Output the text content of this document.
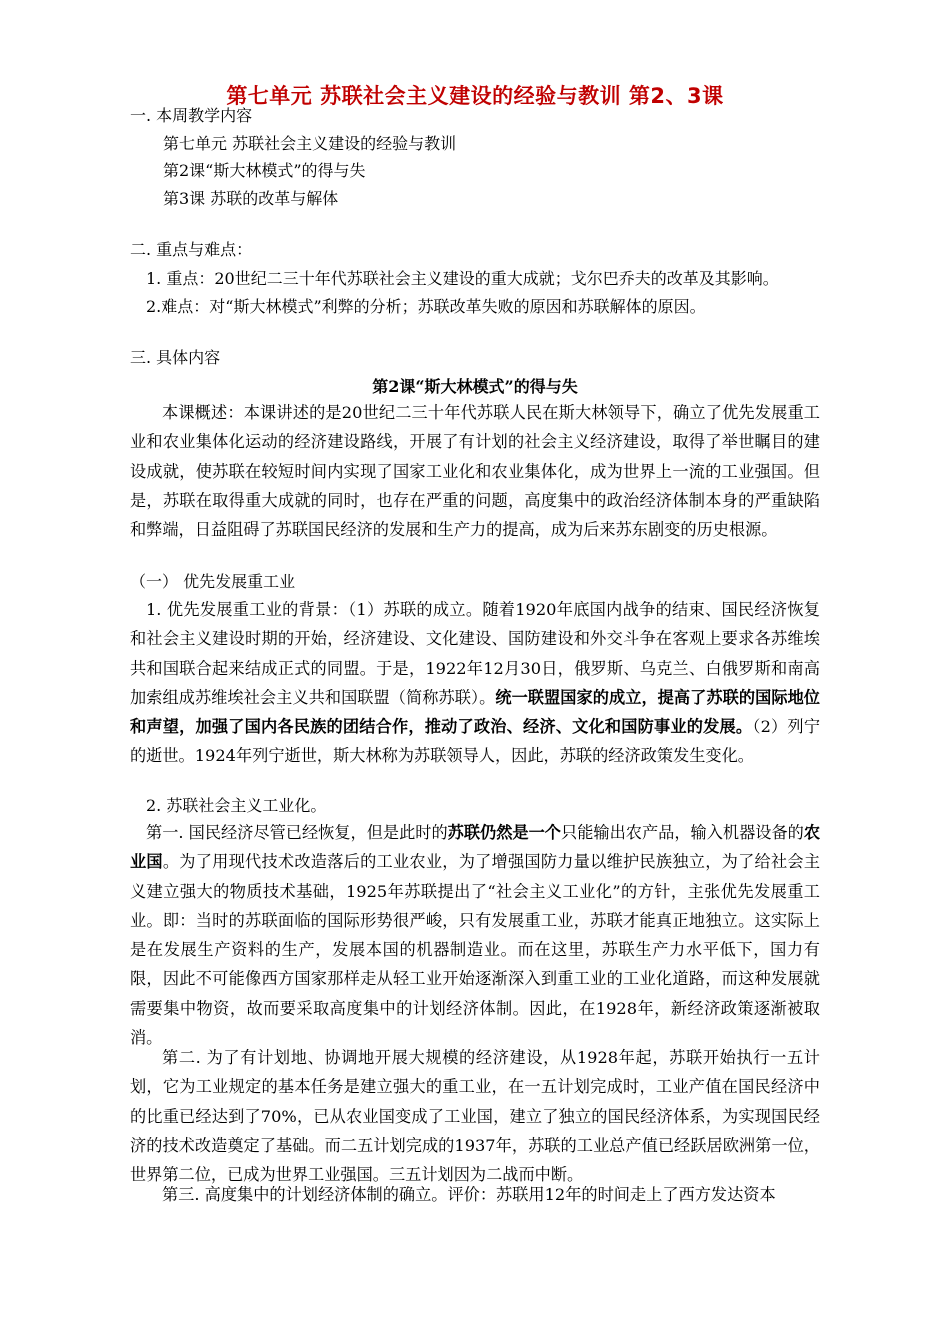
第七单元 苏联社会主义建设的经验与教训 第2、3课
一. 本周教学内容
第七单元 苏联社会主义建设的经验与教训
第2课“斯大林模式”的得与失
第3课 苏联的改革与解体
二. 重点与难点：
1. 重点：20世纪二三十年代苏联社会主义建设的重大成就；戈尔巴乔夫的改革及其影响。
2.难点：对“斯大林模式”利弊的分析；苏联改革失败的原因和苏联解体的原因。
三. 具体内容
第2课“斯大林模式”的得与失
本课概述：本课讲述的是20世纪二三十年代苏联人民在斯大林领导下，确立了优先发展重工业和农业集体化运动的经济建设路线，开展了有计划的社会主义经济建设，取得了举世瞩目的建设成就，使苏联在较短时间内实现了国家工业化和农业集体化，成为世界上一流的工业强国。但是，苏联在取得重大成就的同时，也存在严重的问题，高度集中的政治经济体制本身的严重缺陷和弊端，日益阻碍了苏联国民经济的发展和生产力的提高，成为后来苏东剧变的历史根源。
（一） 优先发展重工业
1. 优先发展重工业的背景：（1）苏联的成立。随着1920年底国内战争的结束、国民经济恢复和社会主义建设时期的开始，经济建设、文化建设、国防建设和外交斗争在客观上要求各苏维埃共和国联合起来结成正式的同盟。于是，1922年12月30日，俄罗斯、乌克兰、白俄罗斯和南高加索组成苏维埃社会主义共和国联盟（简称苏联）。统一联盟国家的成立，提高了苏联的国际地位和声望，加强了国内各民族的团结合作，推动了政治、经济、文化和国防事业的发展。（2）列宁的逝世。1924年列宁逝世，斯大林称为苏联领导人，因此，苏联的经济政策发生变化。
2. 苏联社会主义工业化。
第一. 国民经济尽管已经恢复，但是此时的苏联仍然是一个只能输出农产品，输入机器设备的农业国。为了用现代技术改造落后的工业农业，为了增强国防力量以维护民族独立，为了给社会主义建立强大的物质技术基础，1925年苏联提出了“社会主义工业化”的方针，主张优先发展重工业。即：当时的苏联面临的国际形势很严峻，只有发展重工业，苏联才能真正地独立。这实际上是在发展生产资料的生产，发展本国的机器制造业。而在这里，苏联生产力水平低下，国力有限，因此不可能像西方国家那样走从轻工业开始逐渐深入到重工业的工业化道路，而这种发展就需要集中物资，故而要采取高度集中的计划经济体制。因此，在1928年，新经济政策逐渐被取消。
第二. 为了有计划地、协调地开展大规模的经济建设，从1928年起，苏联开始执行一五计划，它为工业规定的基本任务是建立强大的重工业，在一五计划完成时，工业产值在国民经济中的比重已经达到了70%，已从农业国变成了工业国，建立了独立的国民经济体系，为实现国民经济的技术改造奠定了基础。而二五计划完成的1937年，苏联的工业总产值已经跃居欧洲第一位，世界第二位，已成为世界工业强国。三五计划因为二战而中断。
第三. 高度集中的计划经济体制的确立。评价：苏联用12年的时间走上了西方发达资本
